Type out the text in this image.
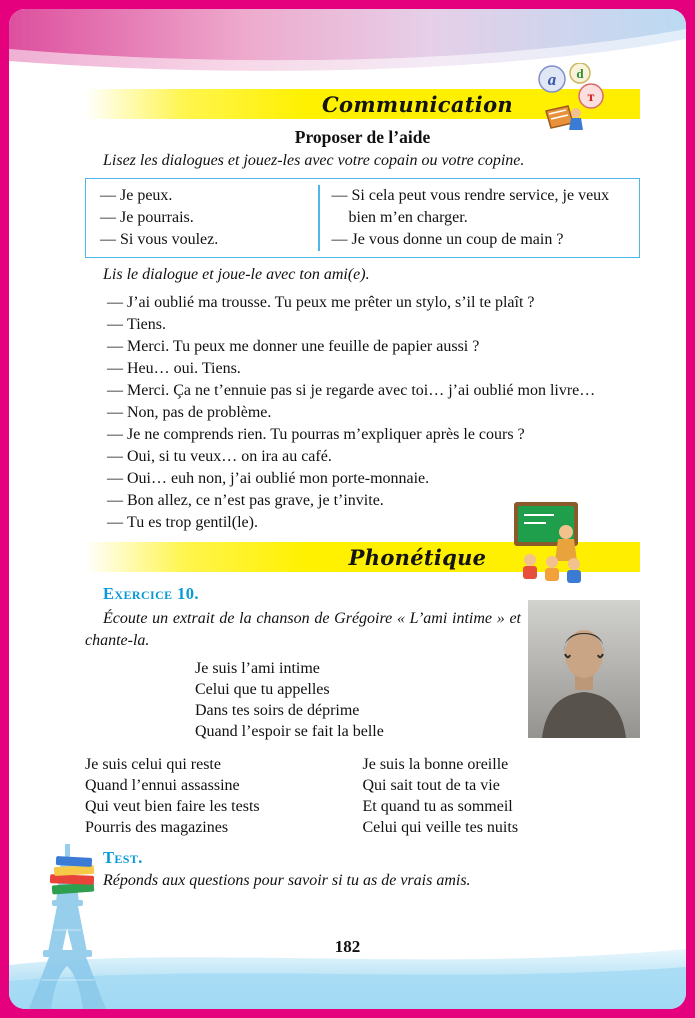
Communication
a d
т
Proposer de l’aide

Lisez les dialogues et jouez-les avec votre copain ou votre copine.

— Je peux.

— Je pourrais.

— Si vous voulez.

— Si cela peut vous rendre service, je veux bien m’en charger.

— Je vous donne un coup de main ?

Lis le dialogue et joue-le avec ton ami(e).

— J’ai oublié ma trousse. Tu peux me prêter un stylo, s’il te plaît ?

— Tiens.

— Merci. Tu peux me donner une feuille de papier aussi ?

— Heu… oui. Tiens.

— Merci. Ça ne t’ennuie pas si je regarde avec toi… j’ai oublié mon livre…

— Non, pas de problème.

— Je ne comprends rien. Tu pourras m’expliquer après le cours ?

— Oui, si tu veux… on ira au café.

— Oui… euh non, j’ai oublié mon porte-monnaie.

— Bon allez, ce n’est pas grave, je t’invite.

— Tu es trop gentil(le).

Phonétique

Exercice 10.

Écoute un extrait de la chanson de Grégoire « L’ami intime » et chante-la.

Je suis l’ami intime

Celui que tu appelles

Dans tes soirs de déprime

Quand l’espoir se fait la belle

Je suis celui qui reste

Quand l’ennui assassine

Qui veut bien faire les tests

Pourris des magazines

Je suis la bonne oreille

Qui sait tout de ta vie

Et quand tu as sommeil

Celui qui veille tes nuits

Test.

Réponds aux questions pour savoir si tu as de vrais amis.

182
